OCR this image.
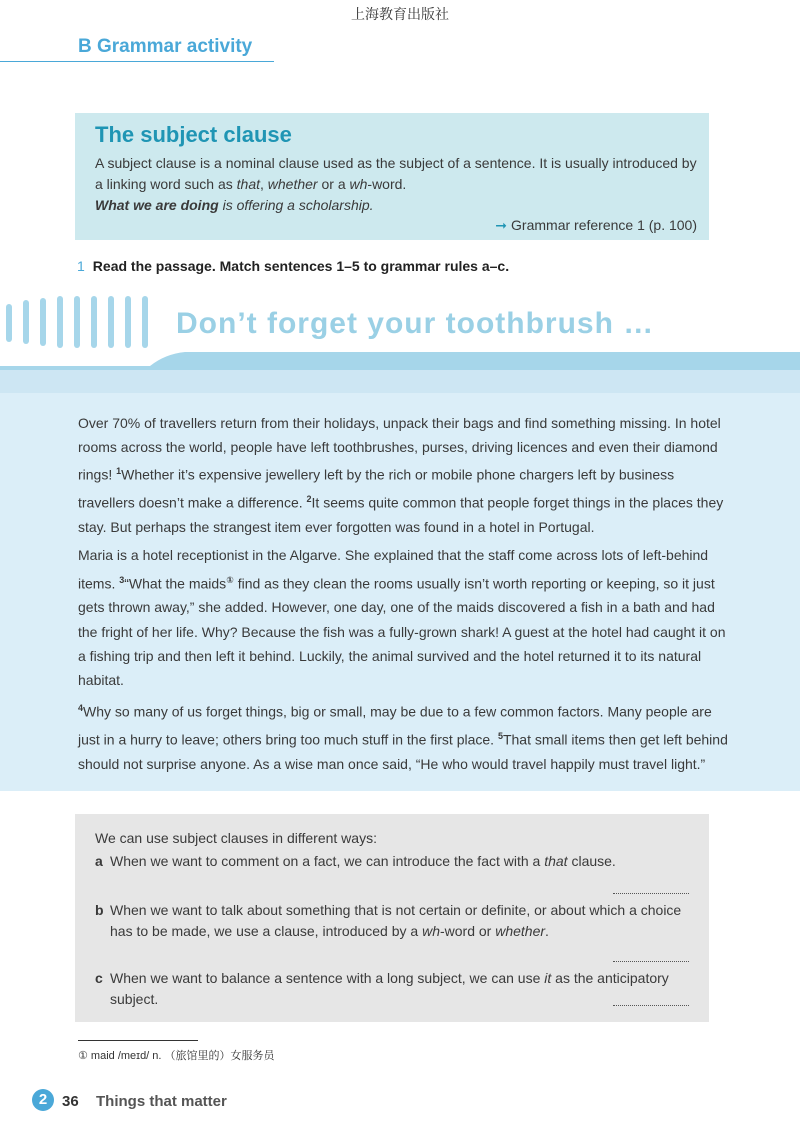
上海教育出版社
B Grammar activity
The subject clause
A subject clause is a nominal clause used as the subject of a sentence. It is usually introduced by a linking word such as that, whether or a wh-word.
What we are doing is offering a scholarship.
➞ Grammar reference 1 (p. 100)
1 Read the passage. Match sentences 1–5 to grammar rules a–c.
Don’t forget your toothbrush …

Over 70% of travellers return from their holidays, unpack their bags and find something missing. In hotel rooms across the world, people have left toothbrushes, purses, driving licences and even their diamond rings! $^1$Whether it’s expensive jewellery left by the rich or mobile phone chargers left by business travellers doesn’t make a difference. $^2$It seems quite common that people forget things in the places they stay. But perhaps the strangest item ever forgotten was found in a hotel in Portugal.

Maria is a hotel receptionist in the Algarve. She explained that the staff come across lots of left-behind items. $^3$“What the maids① find as they clean the rooms usually isn’t worth reporting or keeping, so it just gets thrown away,” she added. However, one day, one of the maids discovered a fish in a bath and had the fright of her life. Why? Because the fish was a fully-grown shark! A guest at the hotel had caught it on a fishing trip and then left it behind. Luckily, the animal survived and the hotel returned it to its natural habitat.

$^4$Why so many of us forget things, big or small, may be due to a few common factors. Many people are just in a hurry to leave; others bring too much stuff in the first place. $^5$That small items then get left behind should not surprise anyone. As a wise man once said, “He who would travel happily must travel light.”

We can use subject clauses in different ways:
a When we want to comment on a fact, we can introduce the fact with a that clause.
b When we want to talk about something that is not certain or definite, or about which a choice has to be made, we use a clause, introduced by a wh-word or whether.
c When we want to balance a sentence with a long subject, we can use it as the anticipatory subject.
① maid /meɪd/ n. （旅馆里的）女服务员
2 36 Things that matter
